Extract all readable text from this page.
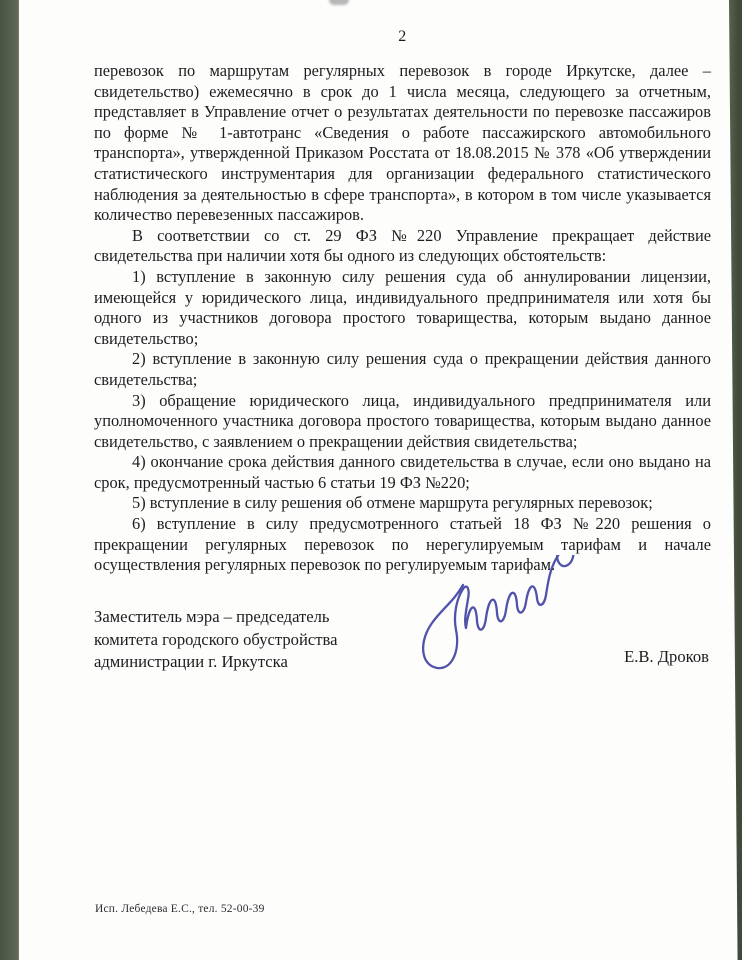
2

перевозок по маршрутам регулярных перевозок в городе Иркутске, далее – свидетельство) ежемесячно в срок до 1 числа месяца, следующего за отчетным, представляет в Управление отчет о результатах деятельности по перевозке пассажиров по форме № 1-автотранс «Сведения о работе пассажирского автомобильного транспорта», утвержденной Приказом Росстата от 18.08.2015 № 378 «Об утверждении статистического инструментария для организации федерального статистического наблюдения за деятельностью в сфере транспорта», в котором в том числе указывается количество перевезенных пассажиров.

В соответствии со ст. 29 ФЗ №220 Управление прекращает действие свидетельства при наличии хотя бы одного из следующих обстоятельств:

1) вступление в законную силу решения суда об аннулировании лицензии, имеющейся у юридического лица, индивидуального предпринимателя или хотя бы одного из участников договора простого товарищества, которым выдано данное свидетельство;

2) вступление в законную силу решения суда о прекращении действия данного свидетельства;

3) обращение юридического лица, индивидуального предпринимателя или уполномоченного участника договора простого товарищества, которым выдано данное свидетельство, с заявлением о прекращении действия свидетельства;

4) окончание срока действия данного свидетельства в случае, если оно выдано на срок, предусмотренный частью 6 статьи 19 ФЗ №220;

5) вступление в силу решения об отмене маршрута регулярных перевозок;

6) вступление в силу предусмотренного статьей 18 ФЗ №220 решения о прекращении регулярных перевозок по нерегулируемым тарифам и начале осуществления регулярных перевозок по регулируемым тарифам.

Заместитель мэра – председатель
комитета городского обустройства
администрации г. Иркутска	Е.В. Дроков
Исп. Лебедева Е.С., тел. 52-00-39
